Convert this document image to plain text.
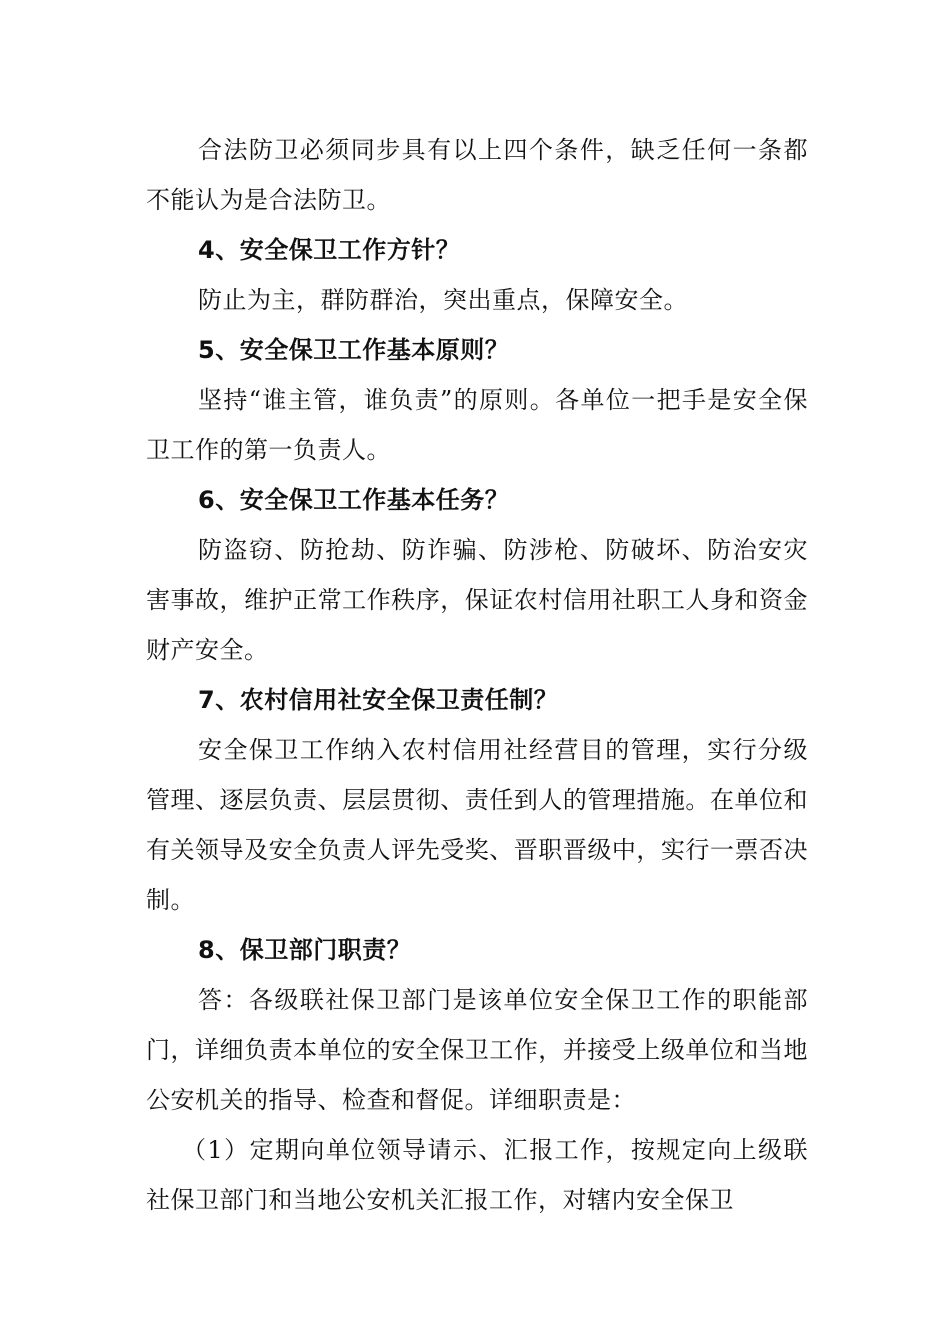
合法防卫必须同步具有以上四个条件，缺乏任何一条都不能认为是合法防卫。

4、安全保卫工作方针？

防止为主，群防群治，突出重点，保障安全。

5、安全保卫工作基本原则？

坚持“谁主管，谁负责”的原则。各单位一把手是安全保卫工作的第一负责人。

6、安全保卫工作基本任务？

防盗窃、防抢劫、防诈骗、防涉枪、防破坏、防治安灾害事故，维护正常工作秩序，保证农村信用社职工人身和资金财产安全。

7、农村信用社安全保卫责任制？

安全保卫工作纳入农村信用社经营目的管理，实行分级管理、逐层负责、层层贯彻、责任到人的管理措施。在单位和有关领导及安全负责人评先受奖、晋职晋级中，实行一票否决制。

8、保卫部门职责？

答：各级联社保卫部门是该单位安全保卫工作的职能部门，详细负责本单位的安全保卫工作，并接受上级单位和当地公安机关的指导、检查和督促。详细职责是：

（1）定期向单位领导请示、汇报工作，按规定向上级联社保卫部门和当地公安机关汇报工作，对辖内安全保卫
